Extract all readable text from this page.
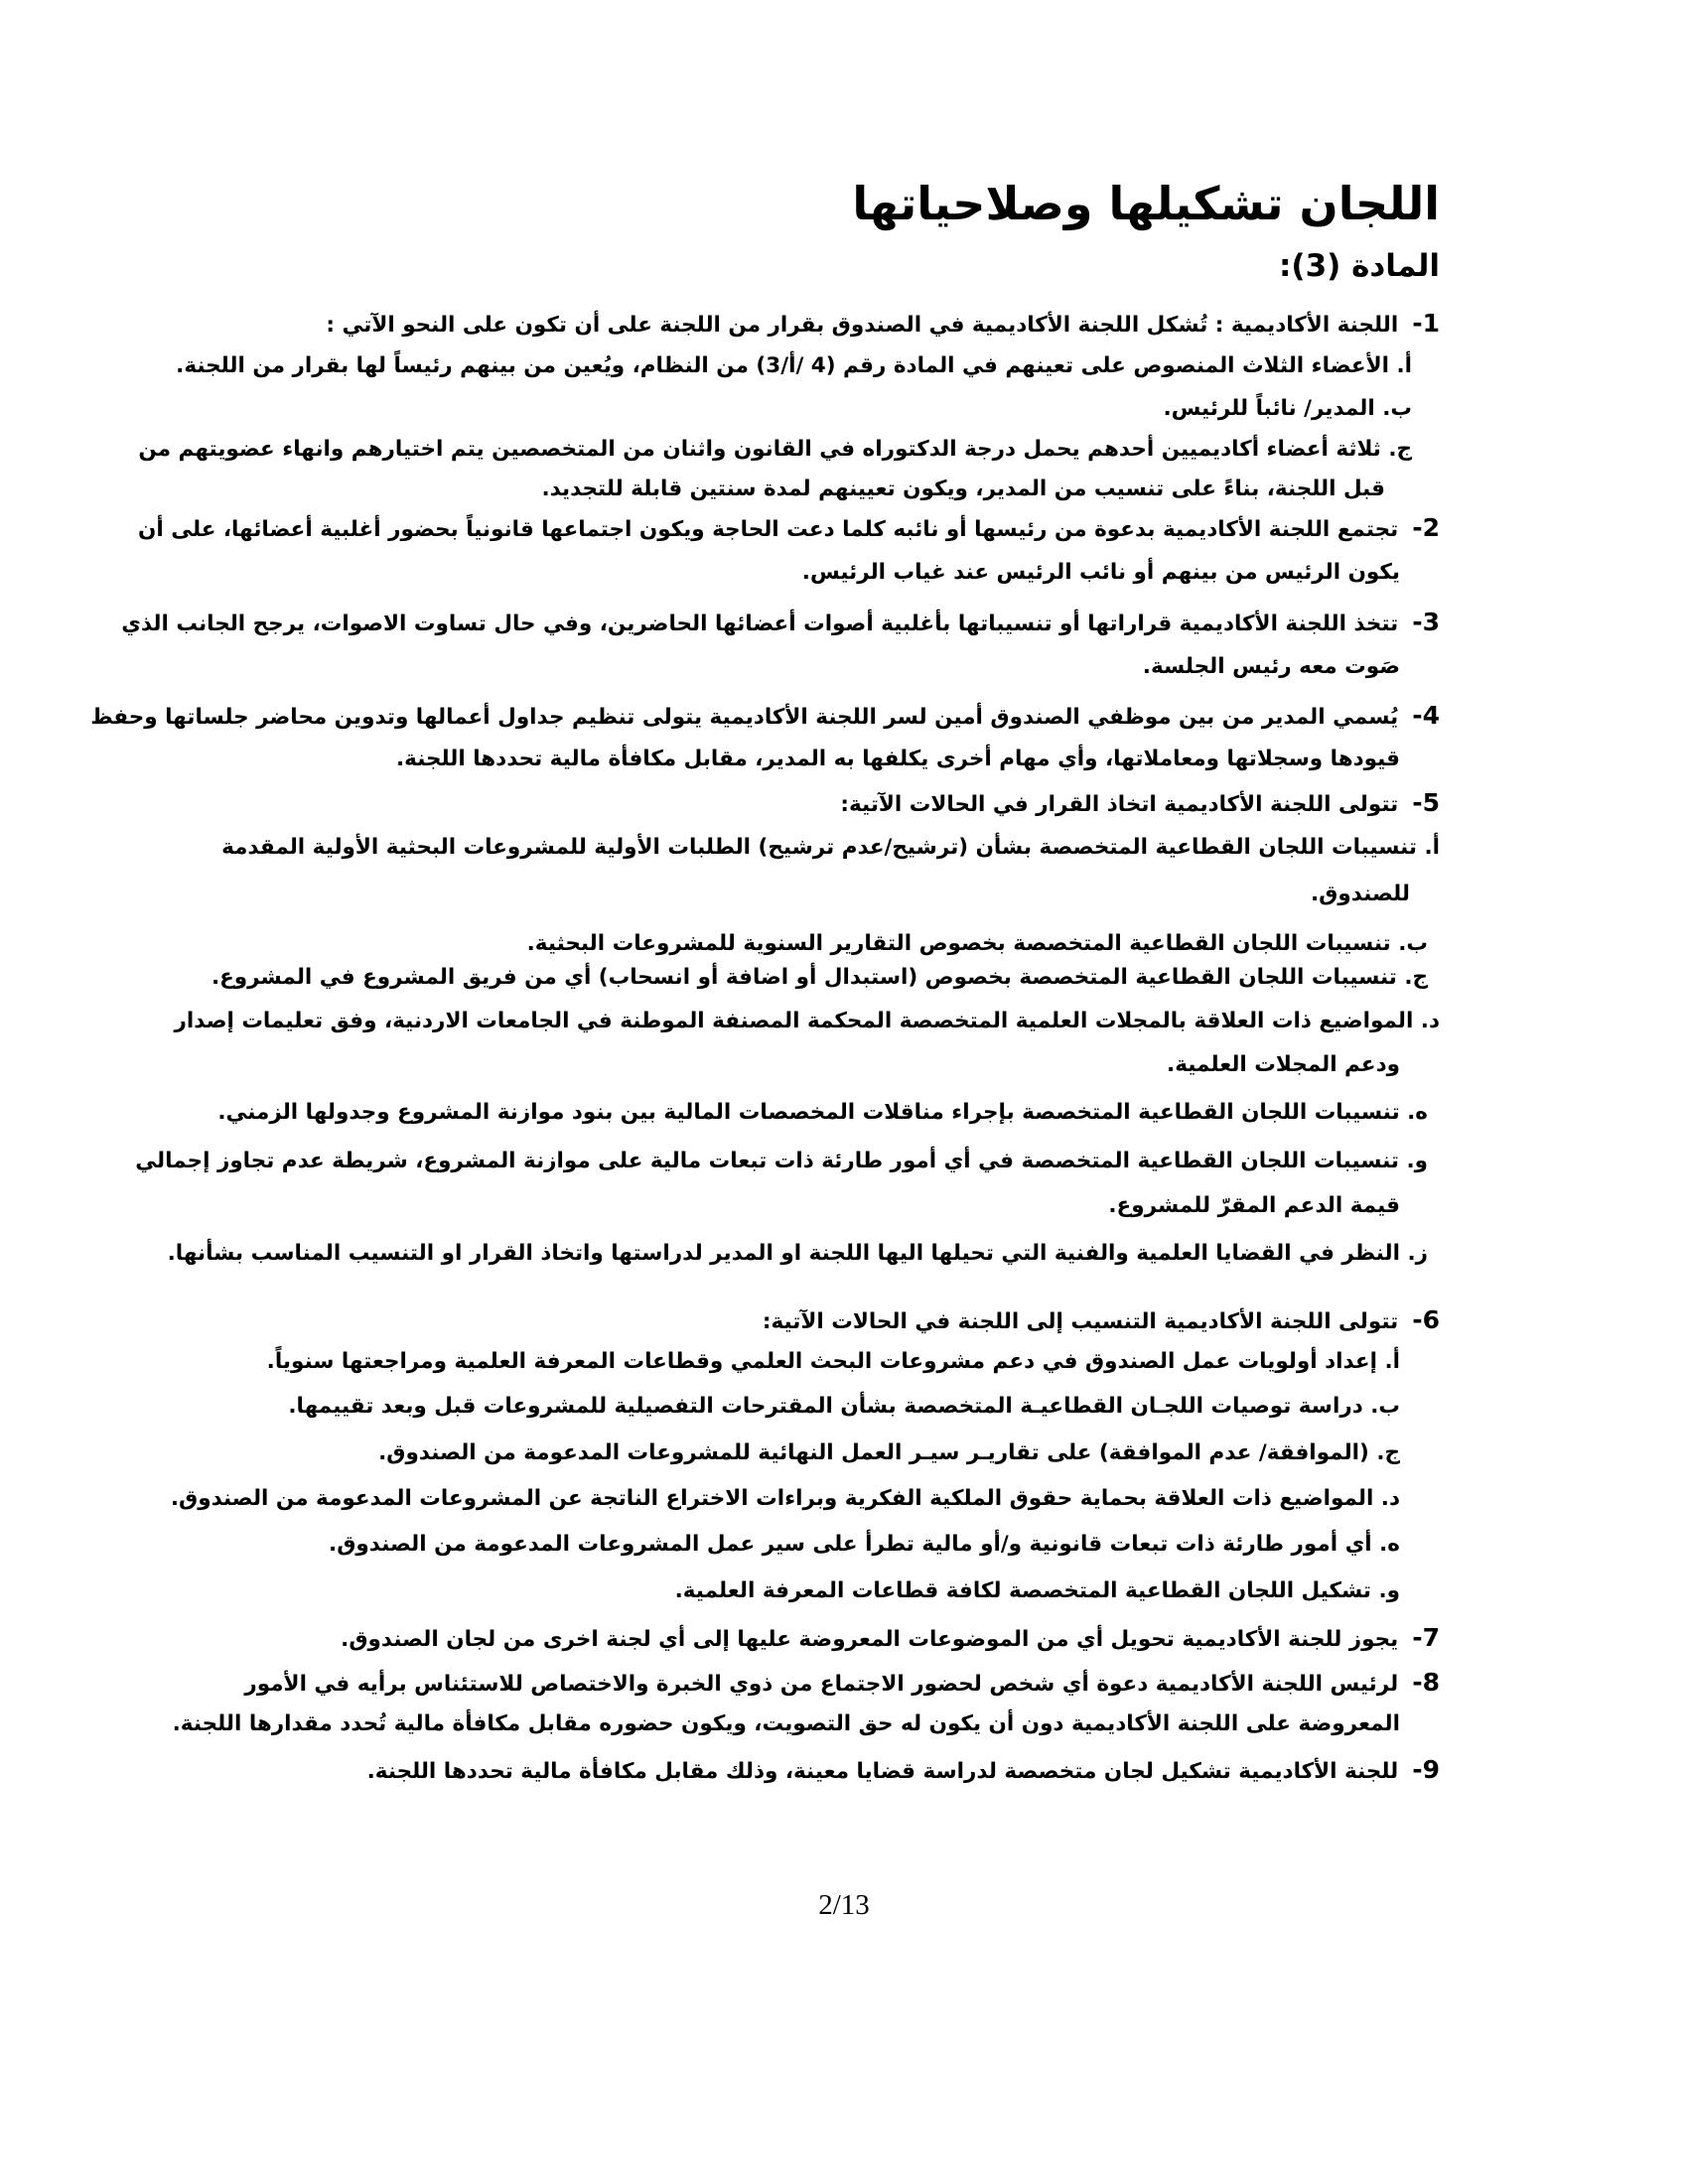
اللجان تشكيلها وصلاحياتها
المادة (3):
1-اللجنة الأكاديمية : تُشكل اللجنة الأكاديمية في الصندوق بقرار من اللجنة على أن تكون على النحو الآتي :
أ. الأعضاء الثلاث المنصوص على تعينهم في المادة رقم (4 /أ/3) من النظام، ويُعين من بينهم رئيساً لها بقرار من اللجنة.
ب. المدير/ نائباً للرئيس.
ج. ثلاثة أعضاء أكاديميين أحدهم يحمل درجة الدكتوراه في القانون واثنان من المتخصصين يتم اختيارهم وانهاء عضويتهم من
قبل اللجنة، بناءً على تنسيب من المدير، ويكون تعيينهم لمدة سنتين قابلة للتجديد.
2-تجتمع اللجنة الأكاديمية بدعوة من رئيسها أو نائبه كلما دعت الحاجة ويكون اجتماعها قانونياً بحضور أغلبية أعضائها، على أن
يكون الرئيس من بينهم أو نائب الرئيس عند غياب الرئيس.
3-تتخذ اللجنة الأكاديمية قراراتها أو تنسيباتها بأغلبية أصوات أعضائها الحاضرين، وفي حال تساوت الاصوات، يرجح الجانب الذي
صَوت معه رئيس الجلسة.
4-يُسمي المدير من بين موظفي الصندوق أمين لسر اللجنة الأكاديمية يتولى تنظيم جداول أعمالها وتدوين محاضر جلساتها وحفظ
قيودها وسجلاتها ومعاملاتها، وأي مهام أخرى يكلفها به المدير، مقابل مكافأة مالية تحددها اللجنة.
5-تتولى اللجنة الأكاديمية اتخاذ القرار في الحالات الآتية:
أ. تنسيبات اللجان القطاعية المتخصصة بشأن (ترشيح/عدم ترشيح) الطلبات الأولية للمشروعات البحثية الأولية المقدمة
للصندوق.
ب. تنسيبات اللجان القطاعية المتخصصة بخصوص التقارير السنوية للمشروعات البحثية.
ج. تنسيبات اللجان القطاعية المتخصصة بخصوص (استبدال أو اضافة أو انسحاب) أي من فريق المشروع في المشروع.
د. المواضيع ذات العلاقة بالمجلات العلمية المتخصصة المحكمة المصنفة الموطنة في الجامعات الاردنية، وفق تعليمات إصدار
ودعم المجلات العلمية.
ه. تنسيبات اللجان القطاعية المتخصصة بإجراء مناقلات المخصصات المالية بين بنود موازنة المشروع وجدولها الزمني.
و. تنسيبات اللجان القطاعية المتخصصة في أي أمور طارئة ذات تبعات مالية على موازنة المشروع، شريطة عدم تجاوز إجمالي
قيمة الدعم المقرّ للمشروع.
ز. النظر في القضايا العلمية والفنية التي تحيلها اليها اللجنة او المدير لدراستها واتخاذ القرار او التنسيب المناسب بشأنها.
6-تتولى اللجنة الأكاديمية التنسيب إلى اللجنة في الحالات الآتية:
أ. إعداد أولويات عمل الصندوق في دعم مشروعات البحث العلمي وقطاعات المعرفة العلمية ومراجعتها سنوياً.
ب. دراسة توصيات اللجـان القطاعيـة المتخصصة بشأن المقترحات التفصيلية للمشروعات قبل وبعد تقييمها.
ج. (الموافقة/ عدم الموافقة) على تقاريـر سيـر العمل النهائية للمشروعات المدعومة من الصندوق.
د. المواضيع ذات العلاقة بحماية حقوق الملكية الفكرية وبراءات الاختراع الناتجة عن المشروعات المدعومة من الصندوق.
ه. أي أمور طارئة ذات تبعات قانونية و/أو مالية تطرأ على سير عمل المشروعات المدعومة من الصندوق.
و. تشكيل اللجان القطاعية المتخصصة لكافة قطاعات المعرفة العلمية.
7-يجوز للجنة الأكاديمية تحويل أي من الموضوعات المعروضة عليها إلى أي لجنة اخرى من لجان الصندوق.
8-لرئيس اللجنة الأكاديمية دعوة أي شخص لحضور الاجتماع من ذوي الخبرة والاختصاص للاستئناس برأيه في الأمور
المعروضة على اللجنة الأكاديمية دون أن يكون له حق التصويت، ويكون حضوره مقابل مكافأة مالية تُحدد مقدارها اللجنة.
9-للجنة الأكاديمية تشكيل لجان متخصصة لدراسة قضايا معينة، وذلك مقابل مكافأة مالية تحددها اللجنة.
2/13
